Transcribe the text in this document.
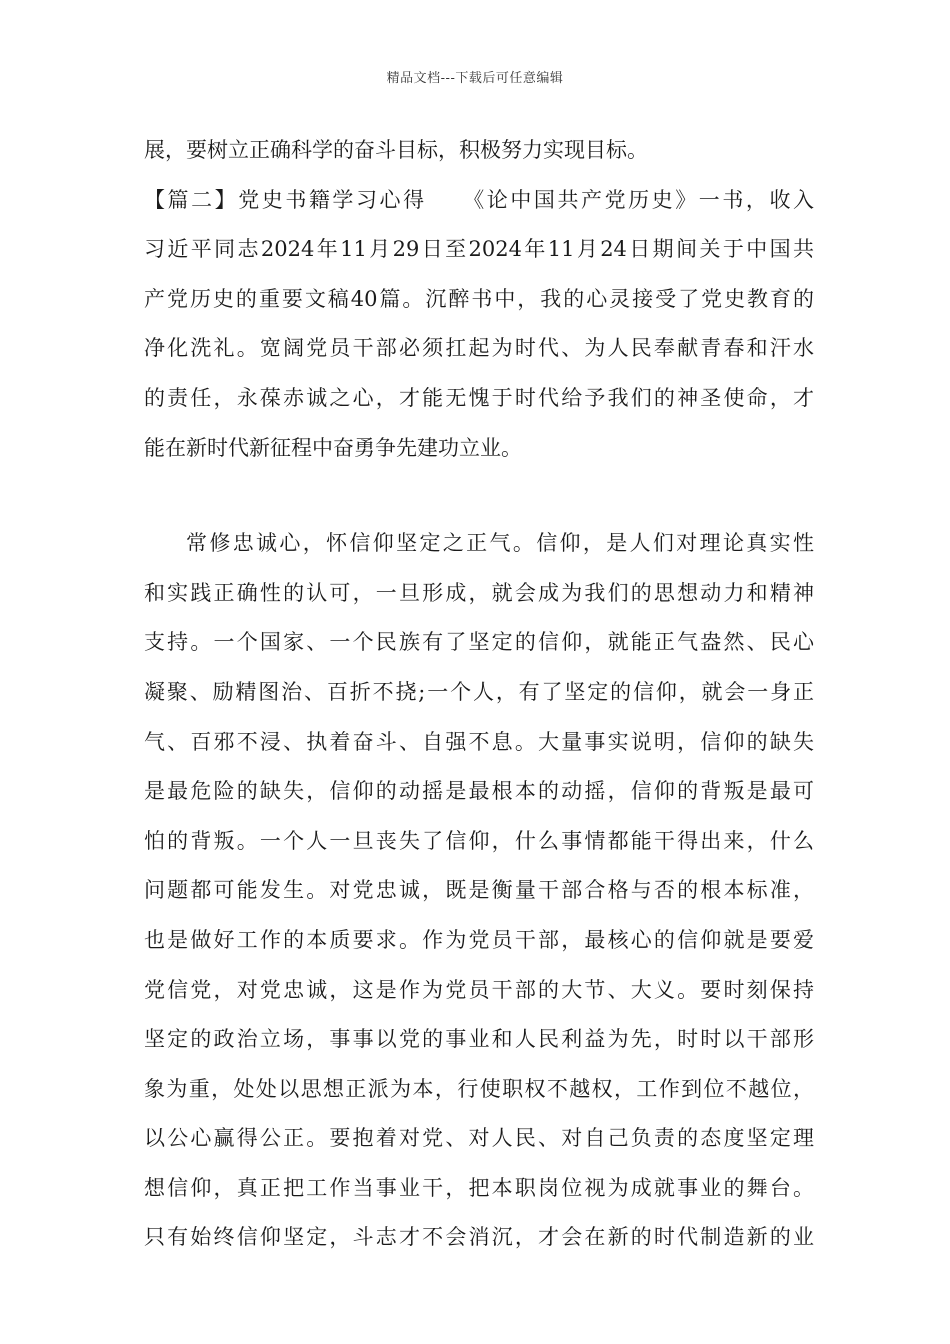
精品文档---下载后可任意编辑
展，要树立正确科学的奋斗目标，积极努力实现目标。
【篇二】党史书籍学习心得　　《论中国共产党历史》一书，收入
习近平同志2024年11月29日至2024年11月24日期间关于中国共
产党历史的重要文稿40篇。沉醉书中，我的心灵接受了党史教育的
净化洗礼。宽阔党员干部必须扛起为时代、为人民奉献青春和汗水
的责任，永葆赤诚之心，才能无愧于时代给予我们的神圣使命，才
能在新时代新征程中奋勇争先建功立业。
常修忠诚心，怀信仰坚定之正气。信仰，是人们对理论真实性
和实践正确性的认可，一旦形成，就会成为我们的思想动力和精神
支持。一个国家、一个民族有了坚定的信仰，就能正气盎然、民心
凝聚、励精图治、百折不挠;一个人，有了坚定的信仰，就会一身正
气、百邪不浸、执着奋斗、自强不息。大量事实说明，信仰的缺失
是最危险的缺失，信仰的动摇是最根本的动摇，信仰的背叛是最可
怕的背叛。一个人一旦丧失了信仰，什么事情都能干得出来，什么
问题都可能发生。对党忠诚，既是衡量干部合格与否的根本标准，
也是做好工作的本质要求。作为党员干部，最核心的信仰就是要爱
党信党，对党忠诚，这是作为党员干部的大节、大义。要时刻保持
坚定的政治立场，事事以党的事业和人民利益为先，时时以干部形
象为重，处处以思想正派为本，行使职权不越权，工作到位不越位，
以公心赢得公正。要抱着对党、对人民、对自己负责的态度坚定理
想信仰，真正把工作当事业干，把本职岗位视为成就事业的舞台。
只有始终信仰坚定，斗志才不会消沉，才会在新的时代制造新的业
